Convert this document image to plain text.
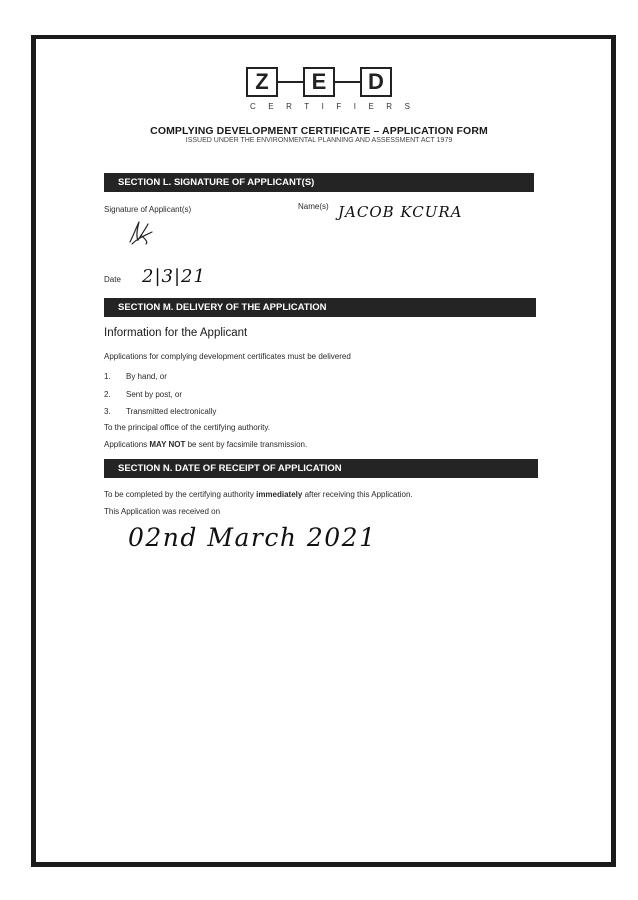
Z	E	D
CERTIFIERS
COMPLYING DEVELOPMENT CERTIFICATE – APPLICATION FORM
ISSUED UNDER THE ENVIRONMENTAL PLANNING AND ASSESSMENT ACT 1979
SECTION L. SIGNATURE OF APPLICANT(S)
Signature of Applicant(s)	Name(s) JACOB KCURA
Date 2|3|21
SECTION M. DELIVERY OF THE APPLICATION
Information for the Applicant
Applications for complying development certificates must be delivered
1. By hand, or
2. Sent by post, or
3. Transmitted electronically
To the principal office of the certifying authority.
Applications MAY NOT be sent by facsimile transmission.
SECTION N. DATE OF RECEIPT OF APPLICATION
To be completed by the certifying authority immediately after receiving this Application.
This Application was received on
02nd March 2021
